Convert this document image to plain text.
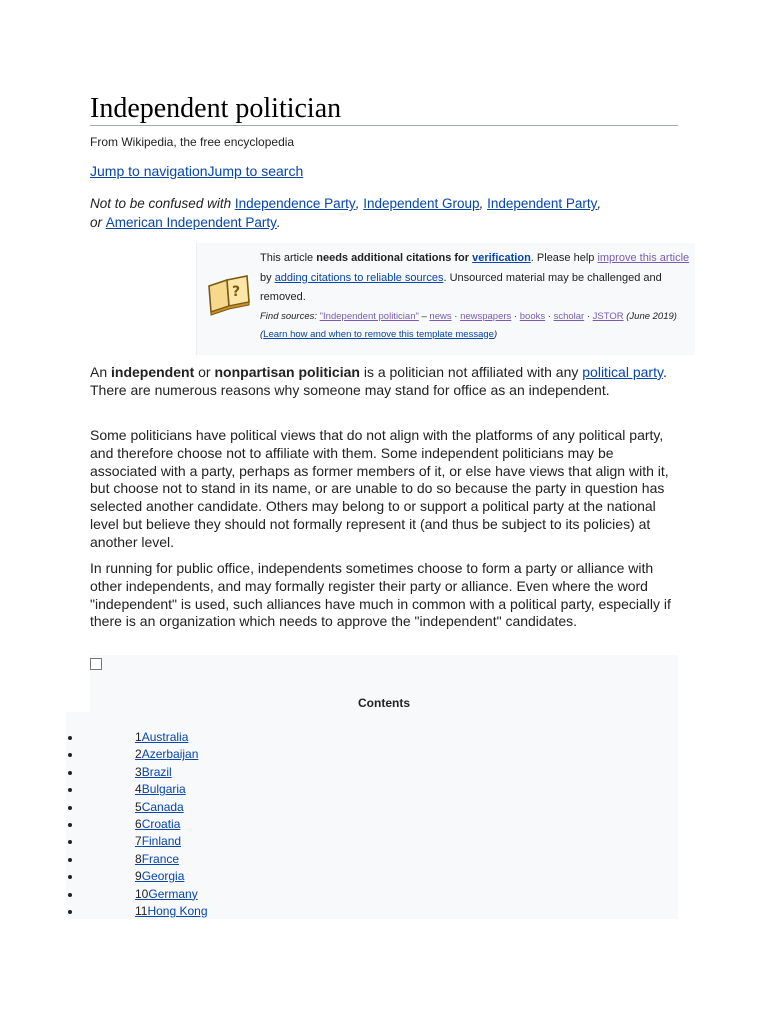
Independent politician
From Wikipedia, the free encyclopedia
Jump to navigationJump to search
Not to be confused with Independence Party, Independent Group, Independent Party,
or American Independent Party.
?
This article needs additional citations for verification. Please help improve this article by adding citations to reliable sources. Unsourced material may be challenged and removed.
Find sources: "Independent politician" – news · newspapers · books · scholar · JSTOR (June 2019)
(Learn how and when to remove this template message)

An independent or nonpartisan politician is a politician not affiliated with any political party. There are numerous reasons why someone may stand for office as an independent.

Some politicians have political views that do not align with the platforms of any political party, and therefore choose not to affiliate with them. Some independent politicians may be associated with a party, perhaps as former members of it, or else have views that align with it, but choose not to stand in its name, or are unable to do so because the party in question has selected another candidate. Others may belong to or support a political party at the national level but believe they should not formally represent it (and thus be subject to its policies) at another level.

In running for public office, independents sometimes choose to form a party or alliance with other independents, and may formally register their party or alliance. Even where the word "independent" is used, such alliances have much in common with a political party, especially if there is an organization which needs to approve the "independent" candidates.

Contents
1Australia
2Azerbaijan
3Brazil
4Bulgaria
5Canada
6Croatia
7Finland
8France
9Georgia
10Germany
11Hong Kong
